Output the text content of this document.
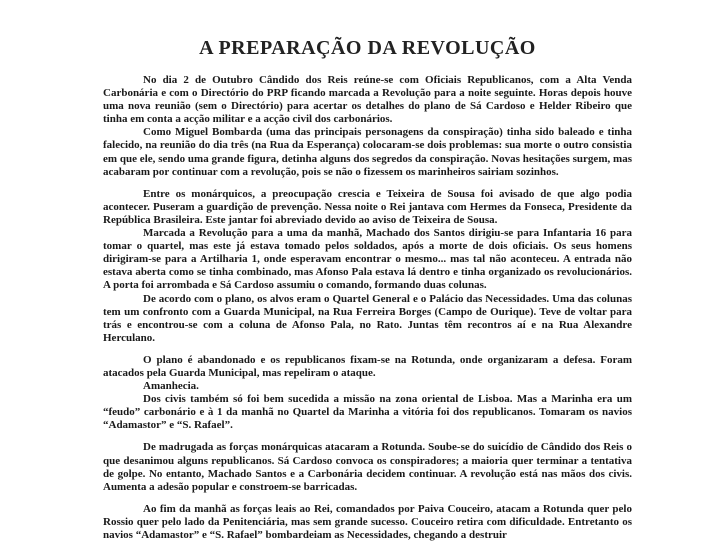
A PREPARAÇÃO DA REVOLUÇÃO

No dia 2 de Outubro Cândido dos Reis reúne-se com Oficiais Republicanos, com a Alta Venda Carbonária e com o Directório do PRP ficando marcada a Revolução para a noite seguinte. Horas depois houve uma nova reunião (sem o Directório) para acertar os detalhes do plano de Sá Cardoso e Helder Ribeiro que tinha em conta a acção militar e a acção civil dos carbonários.

Como Miguel Bombarda (uma das principais personagens da conspiração) tinha sido baleado e tinha falecido, na reunião do dia três (na Rua da Esperança) colocaram-se dois problemas: sua morte o outro consistia em que ele, sendo uma grande figura, detinha alguns dos segredos da conspiração. Novas hesitações surgem, mas acabaram por continuar com a revolução, pois se não o fizessem os marinheiros sairiam sozinhos.

Entre os monárquicos, a preocupação crescia e Teixeira de Sousa foi avisado de que algo podia acontecer. Puseram a guardição de prevenção. Nessa noite o Rei jantava com Hermes da Fonseca, Presidente da República Brasileira. Este jantar foi abreviado devido ao aviso de Teixeira de Sousa.

Marcada a Revolução para a uma da manhã, Machado dos Santos dirigiu-se para Infantaria 16 para tomar o quartel, mas este já estava tomado pelos soldados, após a morte de dois oficiais. Os seus homens dirigiram-se para a Artilharia 1, onde esperavam encontrar o mesmo... mas tal não aconteceu. A entrada não estava aberta como se tinha combinado, mas Afonso Pala estava lá dentro e tinha organizado os revolucionários. A porta foi arrombada e Sá Cardoso assumiu o comando, formando duas colunas.

De acordo com o plano, os alvos eram o Quartel General e o Palácio das Necessidades. Uma das colunas tem um confronto com a Guarda Municipal, na Rua Ferreira Borges (Campo de Ourique). Teve de voltar para trás e encontrou-se com a coluna de Afonso Pala, no Rato. Juntas têm recontros aí e na Rua Alexandre Herculano.

O plano é abandonado e os republicanos fixam-se na Rotunda, onde organizaram a defesa. Foram atacados pela Guarda Municipal, mas repeliram o ataque.

Amanhecia.

Dos civis também só foi bem sucedida a missão na zona oriental de Lisboa. Mas a Marinha era um “feudo” carbonário e à 1 da manhã no Quartel da Marinha a vitória foi dos republicanos. Tomaram os navios “Adamastor” e “S. Rafael”.

De madrugada as forças monárquicas atacaram a Rotunda. Soube-se do suicídio de Cândido dos Reis o que desanimou alguns republicanos. Sá Cardoso convoca os conspiradores; a maioria quer terminar a tentativa de golpe. No entanto, Machado Santos e a Carbonária decidem continuar. A revolução está nas mãos dos civis. Aumenta a adesão popular e constroem-se barricadas.

Ao fim da manhã as forças leais ao Rei, comandados por Paiva Couceiro, atacam a Rotunda quer pelo Rossio quer pelo lado da Penitenciária, mas sem grande sucesso. Couceiro retira com dificuldade. Entretanto os navios “Adamastor” e “S. Rafael” bombardeiam as Necessidades, chegando a destruir
